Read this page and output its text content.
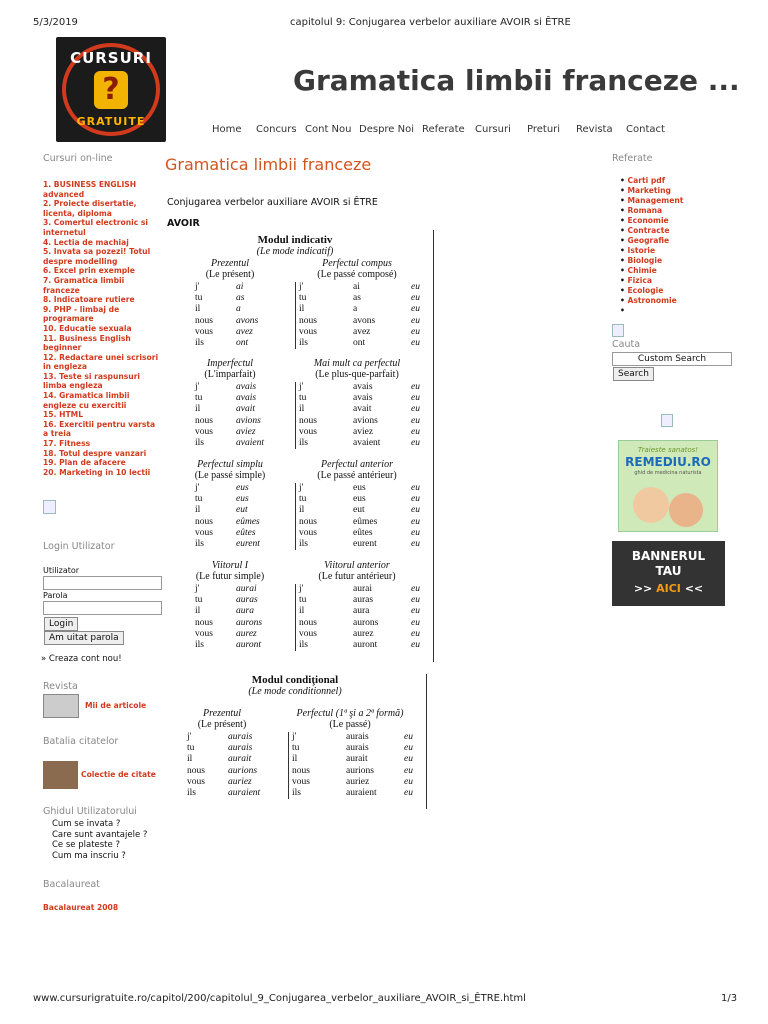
5/3/2019	capitolul 9: Conjugarea verbelor auxiliare AVOIR si ÊTRE
CURSURI
?
GRATUITE
Gramatica limbii franceze ...
Home Concurs Cont Nou Despre Noi Referate Cursuri Preturi Revista Contact
Cursuri on-line
1. BUSINESS ENGLISH advanced
2. Proiecte disertatie, licenta, diploma
3. Comertul electronic si internetul
4. Lectia de machiaj
5. Invata sa pozezi! Totul despre modelling
6. Excel prin exemple
7. Gramatica limbii franceze
8. Indicatoare rutiere
9. PHP - limbaj de programare
10. Educatie sexuala
11. Business English beginner
12. Redactare unei scrisori in engleza
13. Teste si raspunsuri limba engleza
14. Gramatica limbii engleze cu exercitii
15. HTML
16. Exercitii pentru varsta a treia
17. Fitness
18. Totul despre vanzari
19. Plan de afacere
20. Marketing in 10 lectii
Login Utilizator
Utilizator
Parola
Login
Am uitat parola
» Creaza cont nou!
Revista
Mii de articole
Batalia citatelor
Colectie de citate
Ghidul Utilizatorului
Cum se invata ?
Care sunt avantajele ?
Ce se plateste ?
Cum ma inscriu ?
Bacalaureat
Bacalaureat 2008
Gramatica limbii franceze
Conjugarea verbelor auxiliare AVOIR si ÊTRE
AVOIR
Modul indicativ
(Le mode indicatif)
Prezentul
(Le présent)
Perfectul compus
(Le passé composé)
j'	ai
tu	as
il	a
nous avons
vous avez
ils	ont
j'	ai	eu
tu	as	eu
il	a	eu
nous	avons	eu
vous	avez	eu
ils	ont	eu
Imperfectul
(L'imparfait)
Mai mult ca perfectul
(Le plus-que-parfait)
j'	avais
tu	avais
il	avait
nous avions
vous aviez
ils	avaient
j'	avais	eu
tu	avais	eu
il	avait	eu
nous	avions	eu
vous	aviez	eu
ils	avaient	eu
Perfectul simplu
(Le passé simple)
Perfectul anterior
(Le passé antérieur)
j'	eus
tu	eus
il	eut
nous eûmes
vous eûtes
ils	eurent
j'	eus	eu
tu	eus	eu
il	eut	eu
nous	eûmes	eu
vous	eûtes	eu
ils	eurent	eu
Viitorul I
(Le futur simple)
Viitorul anterior
(Le futur antérieur)
j'	aurai
tu	auras
il	aura
nous aurons
vous aurez
ils	auront
j'	aurai	eu
tu	auras	eu
il	aura	eu
nous	aurons	eu
vous	aurez	eu
ils	auront	eu
Modul condiţional
(Le mode conditionnel)
Prezentul
(Le présent)
Perfectul (1ª şi a 2ª formă)
(Le passé)
j'	aurais
tu	aurais
il	aurait
nous aurions
vous auriez
ils	auraient
j'	aurais	eu
tu	aurais	eu
il	aurait	eu
nous	aurions	eu
vous	auriez	eu
ils	auraient	eu
Referate
• Carti pdf
• Marketing
• Management
• Romana
• Economie
• Contracte
• Geografie
• Istorie
• Biologie
• Chimie
• Fizica
• Ecologie
• Astronomie
•
Cauta
Custom Search
Search
Traieste sanatos!
REMEDIU.RO
ghid de medicina naturista
BANNERUL
TAU
>> AICI <<
www.cursurigratuite.ro/capitol/200/capitolul_9_Conjugarea_verbelor_auxiliare_AVOIR_si_ÊTRE.html	1/3
